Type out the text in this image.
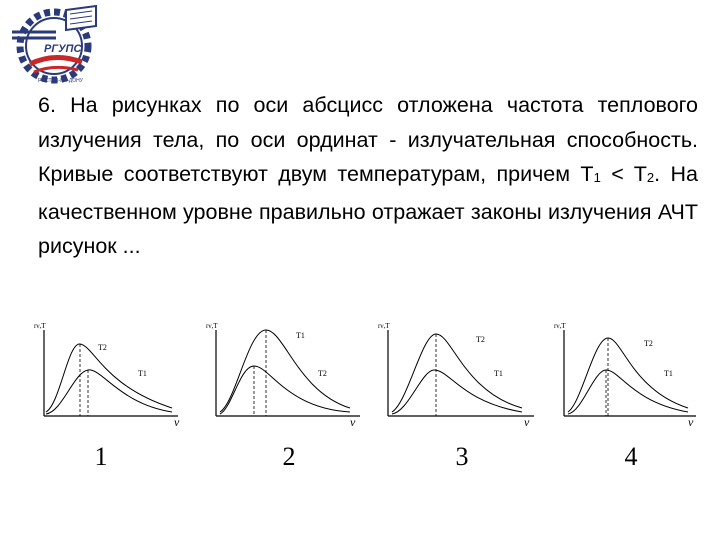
РГУПС
РОСТОВ-НА-ДОНУ

6. На рисунках по оси абсцисс отложена частота теплового излучения тела, по оси ординат - излучательная способность. Кривые соответствуют двум температурам, причем $T_1 < T_2$. На качественном уровне правильно отражает законы излучения АЧТ рисунок ...

rν,T
T2
T1
ν
rν,T
T1
T2
ν
rν,T
T2
T1
ν
rν,T
T2
T1
ν
1	2	3	4
